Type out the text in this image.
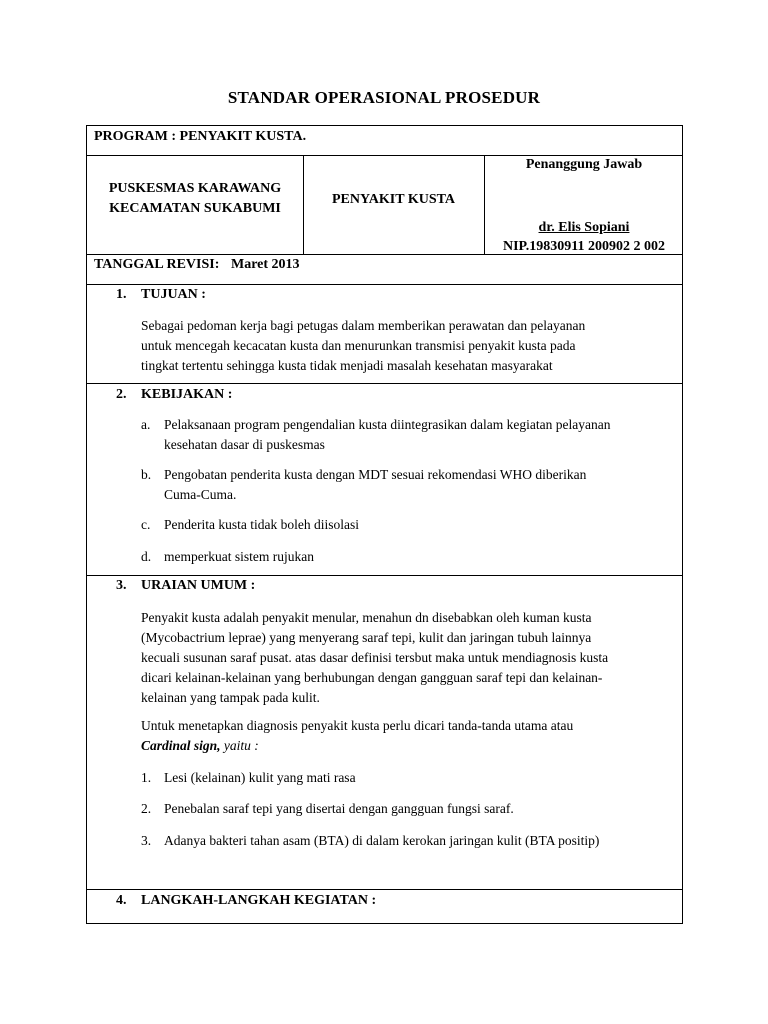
STANDAR OPERASIONAL PROSEDUR
PROGRAM : PENYAKIT KUSTA.
PUSKESMAS KARAWANG
KECAMATAN SUKABUMI
PENYAKIT KUSTA
Penanggung Jawab
dr. Elis Sopiani
NIP.19830911 200902 2 002
TANGGAL REVISI: Maret 2013
1. TUJUAN :
Sebagai pedoman kerja bagi petugas dalam memberikan perawatan dan pelayanan
untuk mencegah kecacatan kusta dan menurunkan transmisi penyakit kusta pada
tingkat tertentu sehingga kusta tidak menjadi masalah kesehatan masyarakat
2. KEBIJAKAN :
a. Pelaksanaan program pengendalian kusta diintegrasikan dalam kegiatan pelayanan
kesehatan dasar di puskesmas
b. Pengobatan penderita kusta dengan MDT sesuai rekomendasi WHO diberikan
Cuma-Cuma.
c. Penderita kusta tidak boleh diisolasi
d. memperkuat sistem rujukan
3. URAIAN UMUM :
Penyakit kusta adalah penyakit menular, menahun dn disebabkan oleh kuman kusta
(Mycobactrium leprae) yang menyerang saraf tepi, kulit dan jaringan tubuh lainnya
kecuali susunan saraf pusat. atas dasar definisi tersbut maka untuk mendiagnosis kusta
dicari kelainan-kelainan yang berhubungan dengan gangguan saraf tepi dan kelainan-
kelainan yang tampak pada kulit.
Untuk menetapkan diagnosis penyakit kusta perlu dicari tanda-tanda utama atau
Cardinal sign, yaitu :
1. Lesi (kelainan) kulit yang mati rasa
2. Penebalan saraf tepi yang disertai dengan gangguan fungsi saraf.
3. Adanya bakteri tahan asam (BTA) di dalam kerokan jaringan kulit (BTA positip)
4. LANGKAH-LANGKAH KEGIATAN :
